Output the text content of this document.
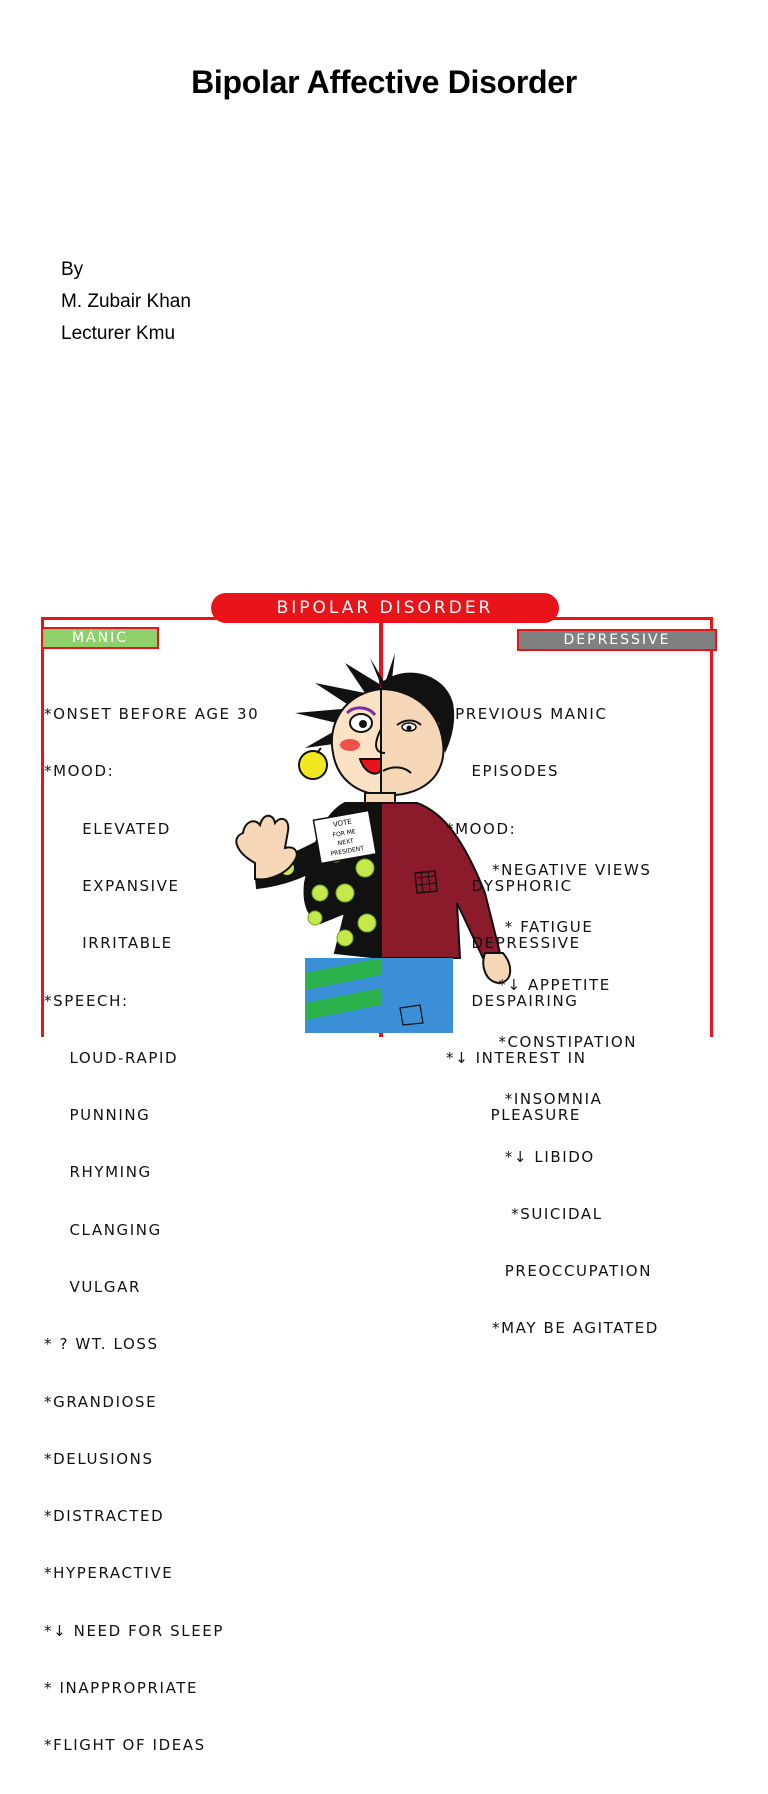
Bipolar Affective Disorder
By
M. Zubair Khan
Lecturer Kmu
BIPOLAR DISORDER
MANIC	DEPRESSIVE
VOTE
FOR ME
NEXT
PRESIDENT

*ONSET BEFORE AGE 30

*MOOD:

ELEVATED

EXPANSIVE

IRRITABLE

*SPEECH:

LOUD-RAPID

PUNNING

RHYMING

CLANGING

VULGAR

* ? WT. LOSS

*GRANDIOSE

*DELUSIONS

*DISTRACTED

*HYPERACTIVE

*↓ NEED FOR SLEEP

* INAPPROPRIATE

*FLIGHT OF IDEAS

*PREVIOUS MANIC

EPISODES

*MOOD:

DYSPHORIC

DEPRESSIVE

DESPAIRING

*↓ INTEREST IN

PLEASURE

*NEGATIVE VIEWS

* FATIGUE

*↓ APPETITE

*CONSTIPATION

*INSOMNIA

*↓ LIBIDO

*SUICIDAL

PREOCCUPATION

*MAY BE AGITATED
